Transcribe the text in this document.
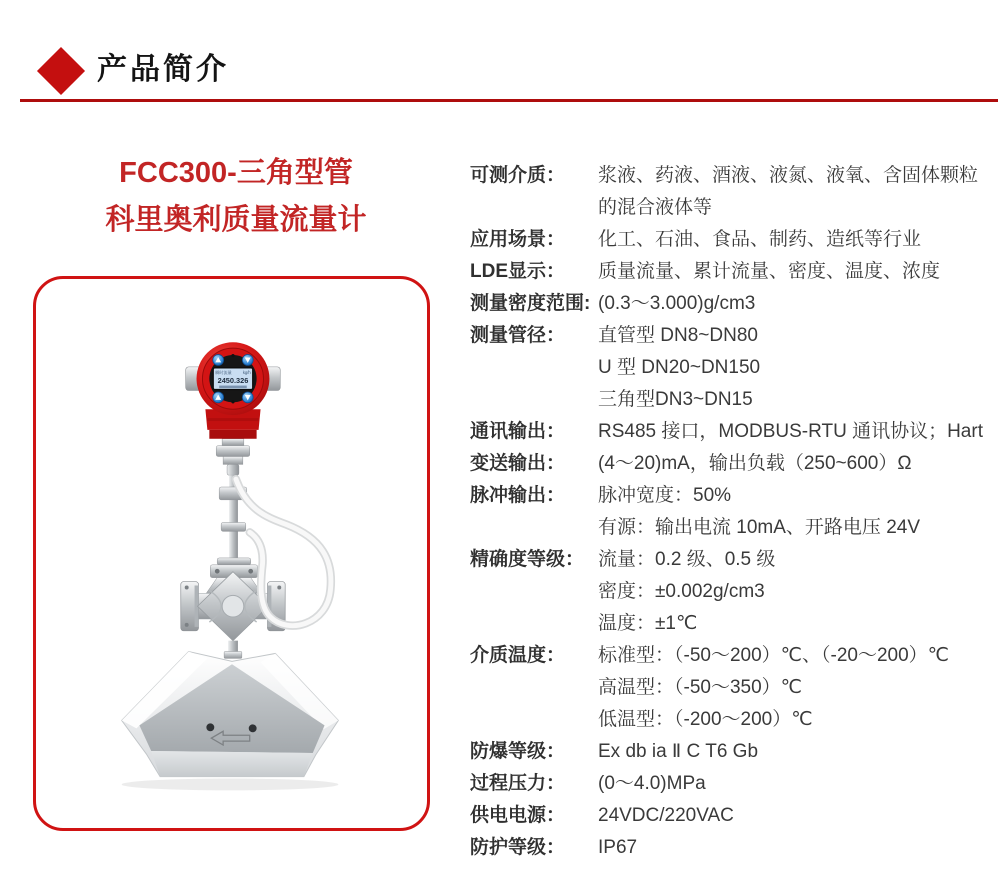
产品简介
FCC300-三角型管
科里奥利质量流量计
瞬时流量	kg/h
2450.326
可测介质：	浆液、药液、酒液、液氮、液氧、含固体颗粒
的混合液体等
应用场景：	化工、石油、食品、制药、造纸等行业
LDE显示：	质量流量、累计流量、密度、温度、浓度
测量密度范围: (0.3～3.000)g/cm3
测量管径：	直管型 DN8~DN80
U 型 DN20~DN150
三角型DN3~DN15
通讯输出：	RS485 接口，MODBUS-RTU 通讯协议；Hart
变送输出：	(4～20)mA，输出负载（250~600）Ω
脉冲输出：	脉冲宽度：50%
有源：输出电流 10mA、开路电压 24V
精确度等级： 流量：0.2 级、0.5 级
密度：±0.002g/cm3
温度：±1℃
介质温度：	标准型：（-50～200）℃、（-20～200）℃
高温型：（-50～350）℃
低温型：（-200～200）℃
防爆等级：	Ex db ia Ⅱ C T6 Gb
过程压力：	(0～4.0)MPa
供电电源：	24VDC/220VAC
防护等级：	IP67
